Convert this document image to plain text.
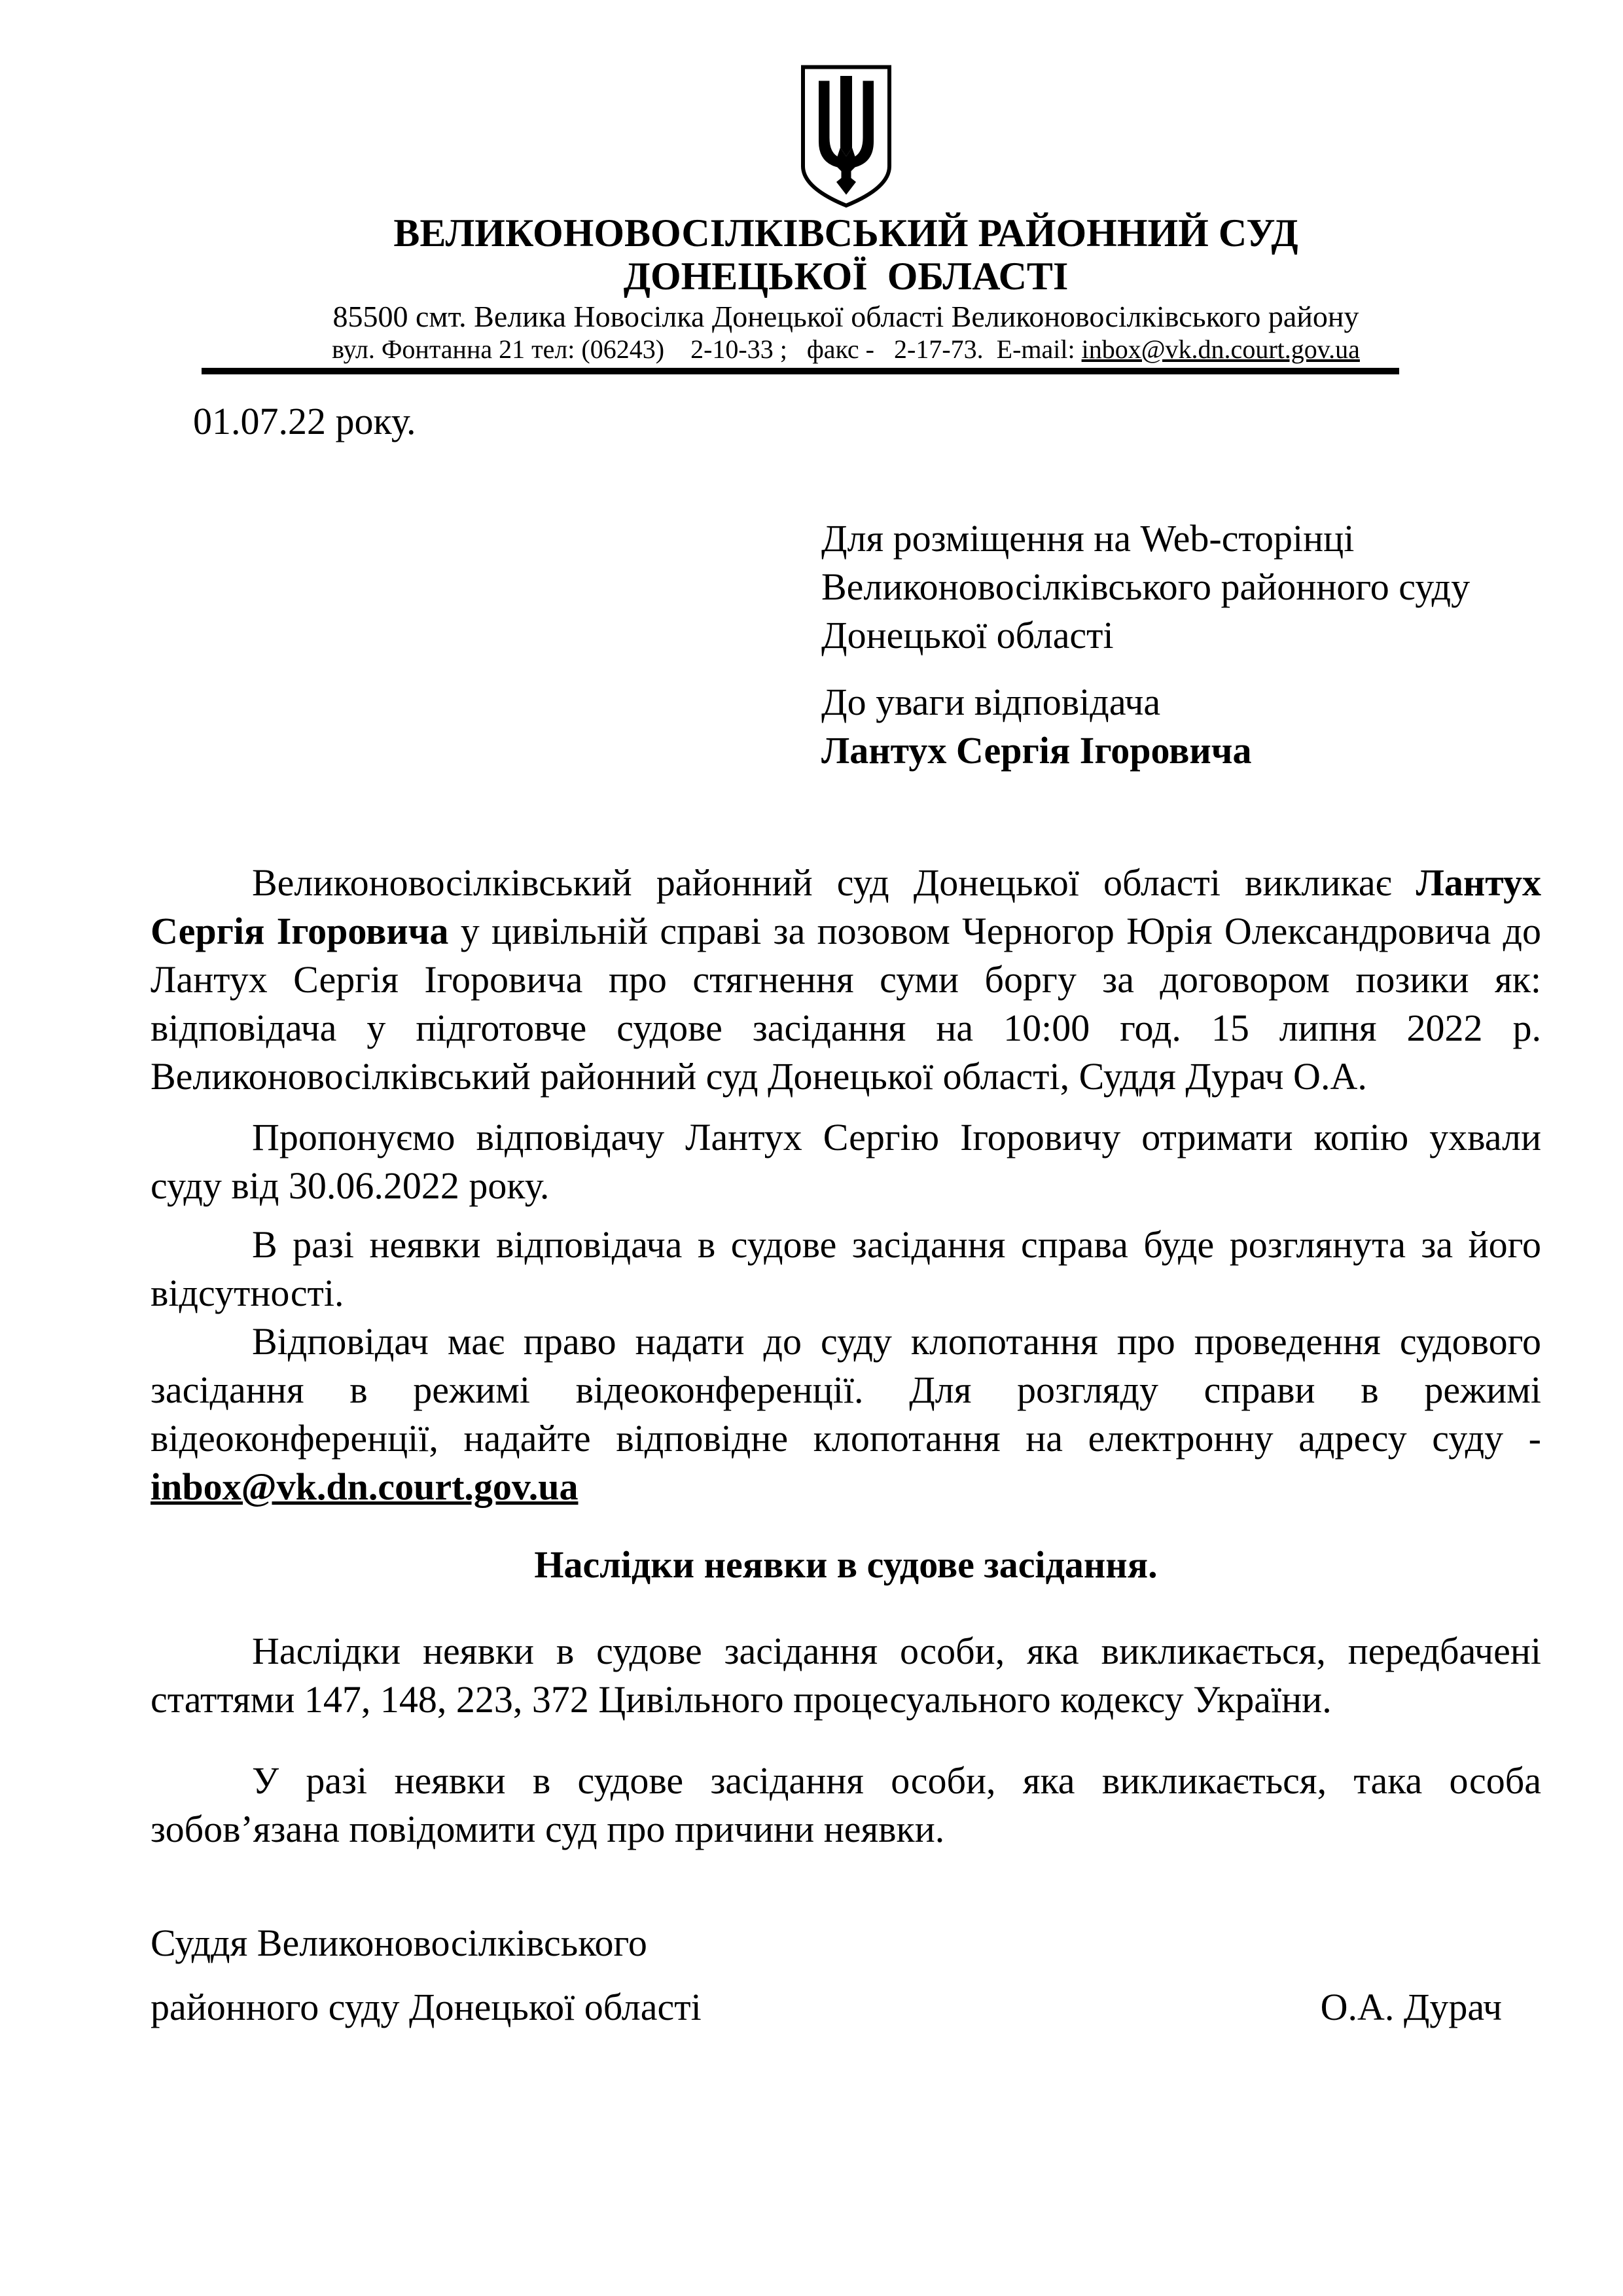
ВЕЛИКОНОВОСІЛКІВСЬКИЙ РАЙОННИЙ СУД
ДОНЕЦЬКОЇ  ОБЛАСТІ
85500 смт. Велика Новосілка Донецької області Великоновосілківського району
вул. Фонтанна 21 тел: (06243)    2-10-33 ;   факс -   2-17-73.  E-mail: inbox@vk.dn.court.gov.ua
01.07.22 року.
Для розміщення на Web-сторінці
Великоновосілківського районного суду
Донецької області
До уваги відповідача
Лантух Сергія Ігоровича

Великоновосілківський районний суд Донецької області викликає Лантух Сергія Ігоровича у цивільній справі за позовом Черногор Юрія Олександровича до Лантух Сергія Ігоровича про стягнення суми боргу за договором позики як: відповідача у підготовче судове засідання на 10:00 год. 15 липня 2022 р. Великоновосілківський районний суд Донецької області, Суддя Дурач О.А.

Пропонуємо відповідачу Лантух Сергію Ігоровичу отримати копію ухвали суду від 30.06.2022 року.

В разі неявки відповідача в судове засідання справа буде розглянута за його відсутності.

Відповідач має право надати до суду клопотання про проведення судового засідання в режимі відеоконференції. Для розгляду справи в режимі відеоконференції, надайте відповідне клопотання на електронну адресу суду - inbox@vk.dn.court.gov.ua

Наслідки неявки в судове засідання.

Наслідки неявки в судове засідання особи, яка викликається, передбачені статтями 147, 148, 223, 372 Цивільного процесуального кодексу України.

У разі неявки в судове засідання особи, яка викликається, така особа зобов’язана повідомити суд про причини неявки.

Суддя Великоновосілківського
районного суду Донецької області	О.А. Дурач
